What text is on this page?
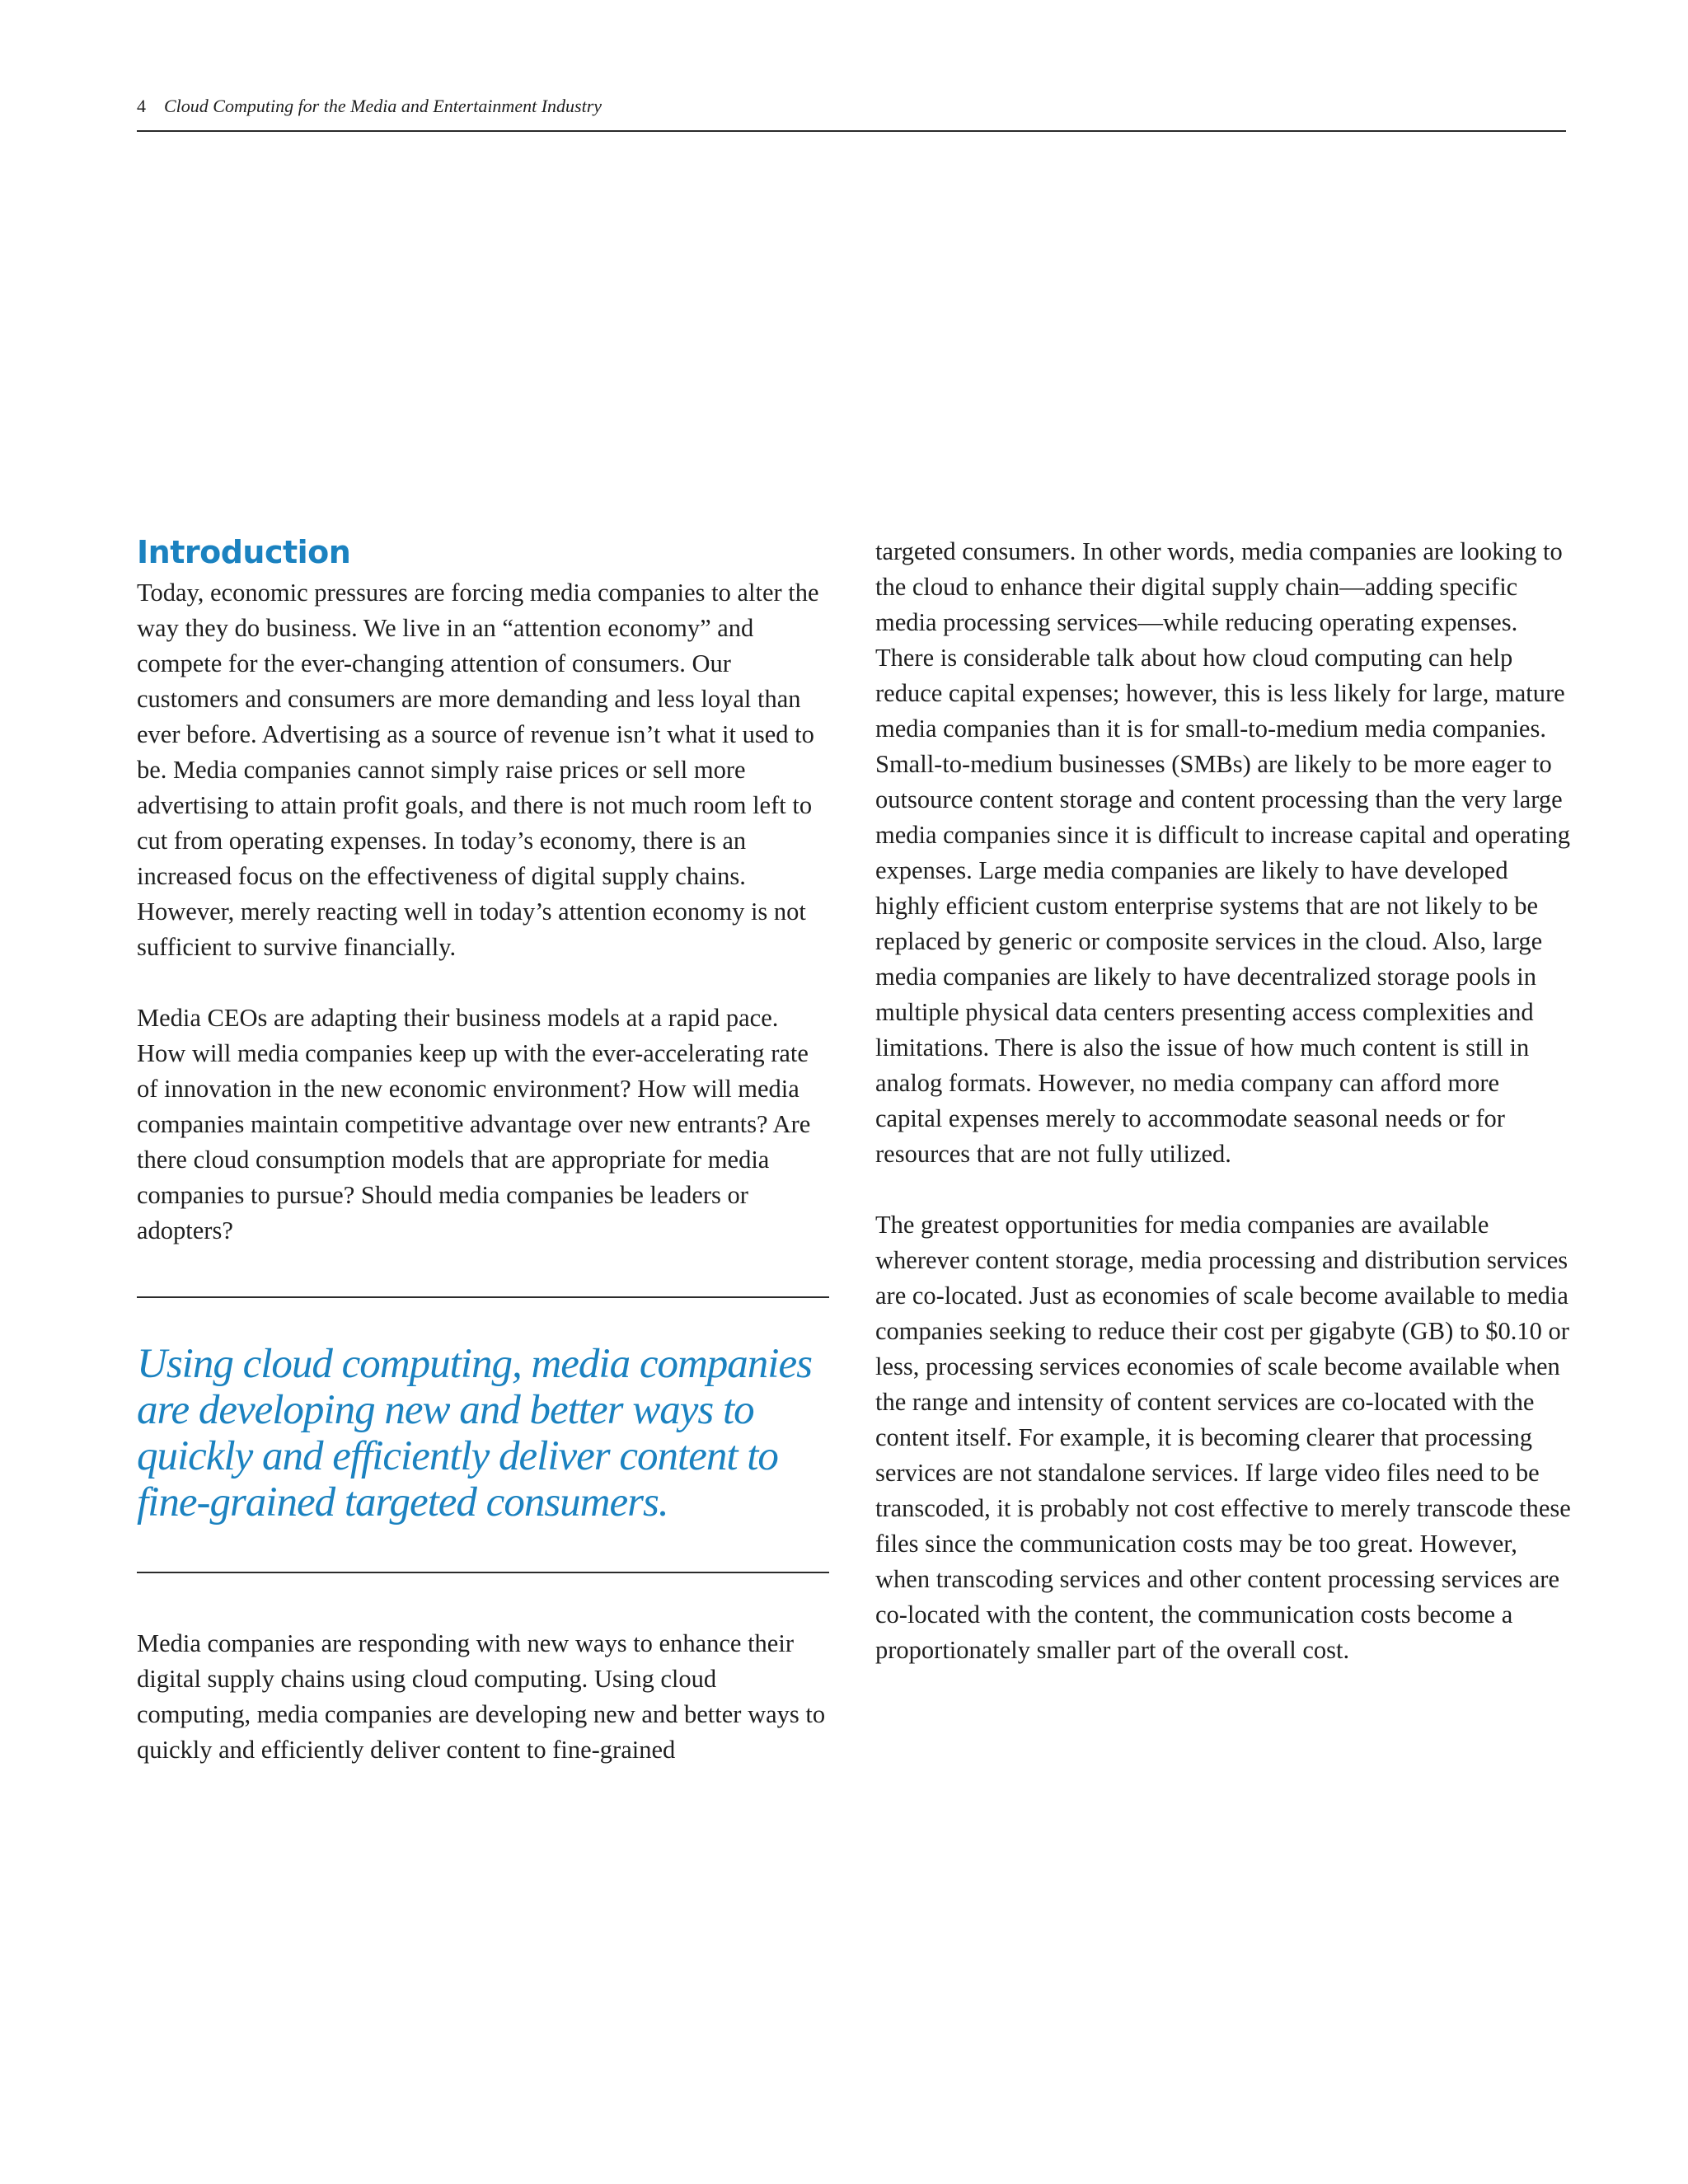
4 Cloud Computing for the Media and Entertainment Industry
Introduction

Today, economic pressures are forcing media companies to alter the way they do business. We live in an “attention economy” and compete for the ever-changing attention of consumers. Our customers and consumers are more demanding and less loyal than ever before. Advertising as a source of revenue isn’t what it used to be. Media companies cannot simply raise prices or sell more advertising to attain profit goals, and there is not much room left to cut from operating expenses. In today’s economy, there is an increased focus on the effectiveness of digital supply chains. However, merely reacting well in today’s attention economy is not sufficient to survive financially.

Media CEOs are adapting their business models at a rapid pace. How will media companies keep up with the ever-accelerating rate of innovation in the new economic environment? How will media companies maintain competitive advantage over new entrants? Are there cloud consumption models that are appropriate for media companies to pursue? Should media companies be leaders or adopters?

Using cloud computing, media companies are developing new and better ways to quickly and efficiently deliver content to fine-grained targeted consumers.

Media companies are responding with new ways to enhance their digital supply chains using cloud computing. Using cloud computing, media companies are developing new and better ways to quickly and efficiently deliver content to fine-grained

targeted consumers. In other words, media companies are looking to the cloud to enhance their digital supply chain—adding specific media processing services—while reducing operating expenses. There is considerable talk about how cloud computing can help reduce capital expenses; however, this is less likely for large, mature media companies than it is for small-to-medium media companies. Small-to-medium businesses (SMBs) are likely to be more eager to outsource content storage and content processing than the very large media companies since it is difficult to increase capital and operating expenses. Large media companies are likely to have developed highly efficient custom enterprise systems that are not likely to be replaced by generic or composite services in the cloud. Also, large media companies are likely to have decentralized storage pools in multiple physical data centers presenting access complexities and limitations. There is also the issue of how much content is still in analog formats. However, no media company can afford more capital expenses merely to accommodate seasonal needs or for resources that are not fully utilized.

The greatest opportunities for media companies are available wherever content storage, media processing and distribution services are co-located. Just as economies of scale become available to media companies seeking to reduce their cost per gigabyte (GB) to $0.10 or less, processing services economies of scale become available when the range and intensity of content services are co-located with the content itself. For example, it is becoming clearer that processing services are not standalone services. If large video files need to be transcoded, it is probably not cost effective to merely transcode these files since the communication costs may be too great. However, when transcoding services and other content processing services are co-located with the content, the communication costs become a proportionately smaller part of the overall cost.
